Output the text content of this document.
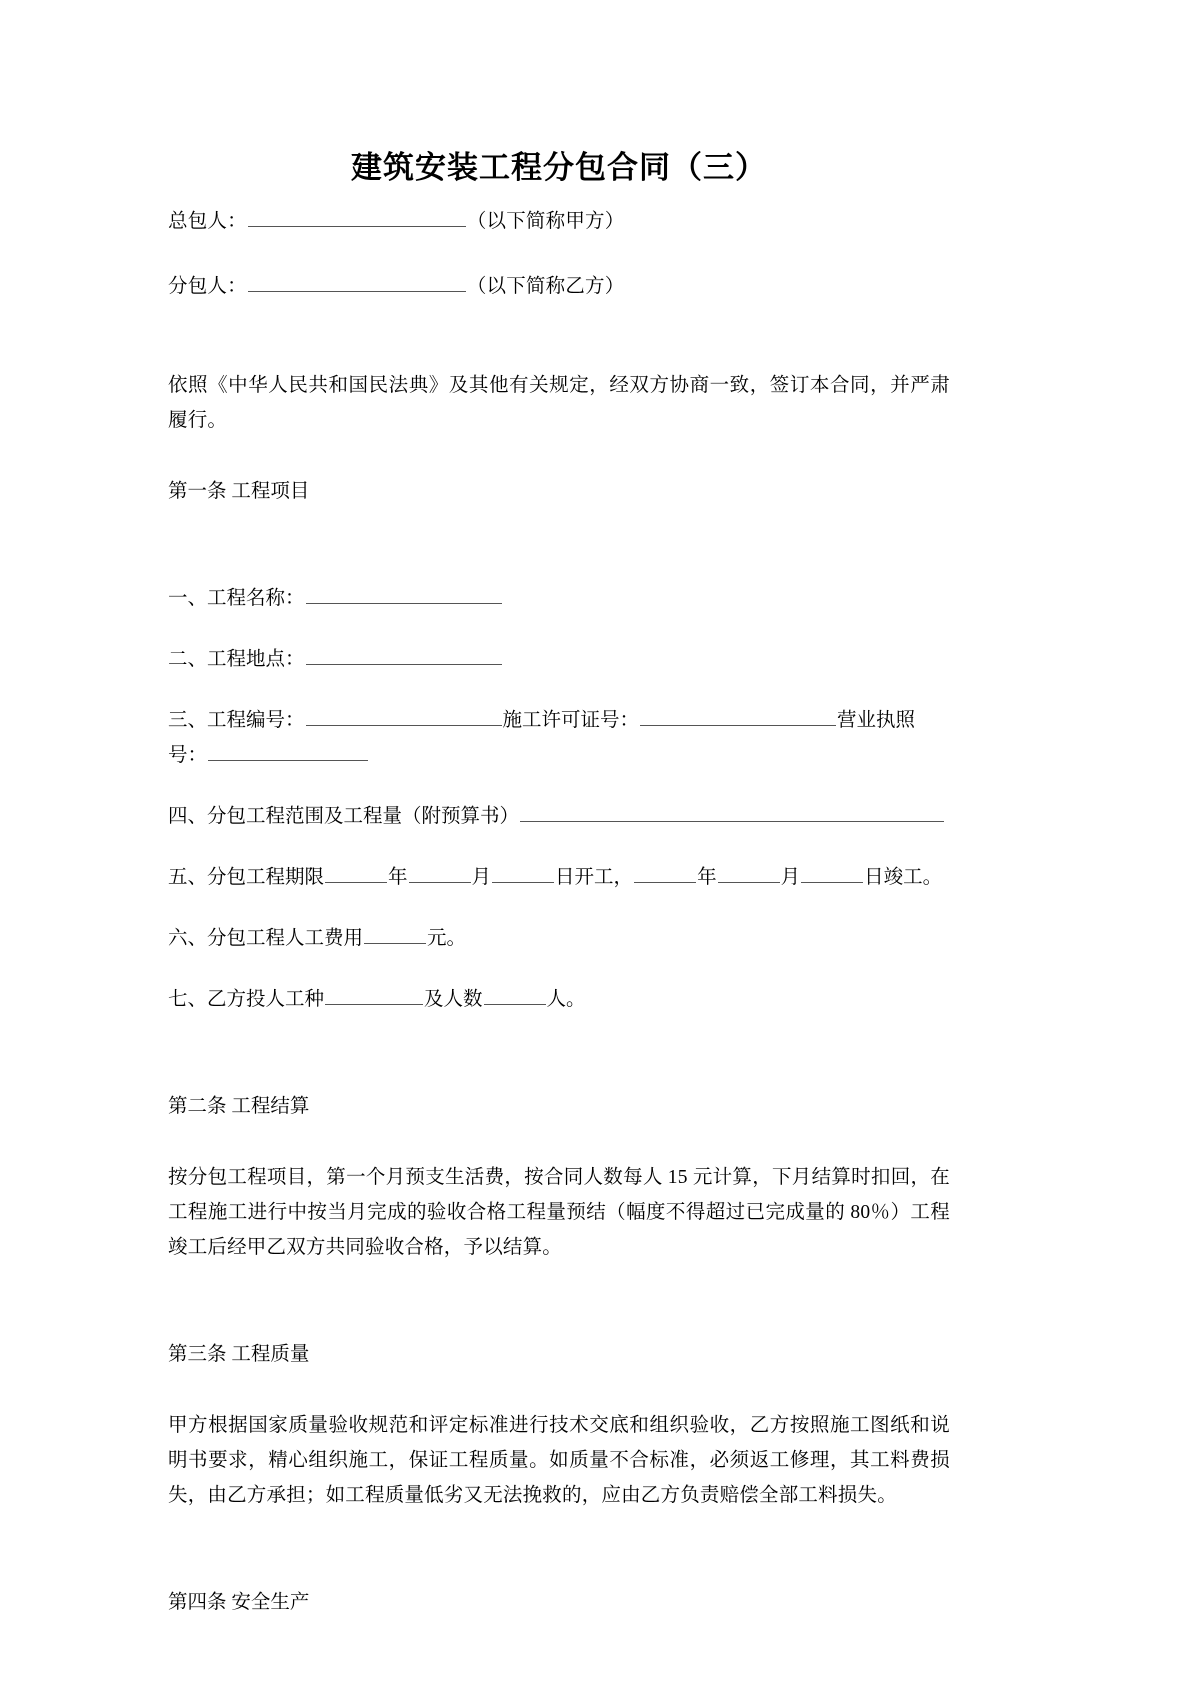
建筑安装工程分包合同（三）

总包人：	（以下简称甲方）

分包人：	（以下简称乙方）

依照《中华人民共和国民法典》及其他有关规定，经双方协商一致，签订本合同，并严肃履行。

第一条 工程项目

一、工程名称：

二、工程地点：

三、工程编号：	施工许可证号：	营业执照号：

四、分包工程范围及工程量（附预算书）

五、分包工程期限	年	月	日开工，	年	月	日竣工。

六、分包工程人工费用	元。

七、乙方投人工种	及人数	人。

第二条 工程结算

按分包工程项目，第一个月预支生活费，按合同人数每人 15 元计算，下月结算时扣回，在工程施工进行中按当月完成的验收合格工程量预结（幅度不得超过已完成量的 80％）工程竣工后经甲乙双方共同验收合格，予以结算。

第三条 工程质量

甲方根据国家质量验收规范和评定标准进行技术交底和组织验收，乙方按照施工图纸和说明书要求，精心组织施工，保证工程质量。如质量不合标准，必须返工修理，其工料费损失，由乙方承担；如工程质量低劣又无法挽救的，应由乙方负责赔偿全部工料损失。

第四条 安全生产
